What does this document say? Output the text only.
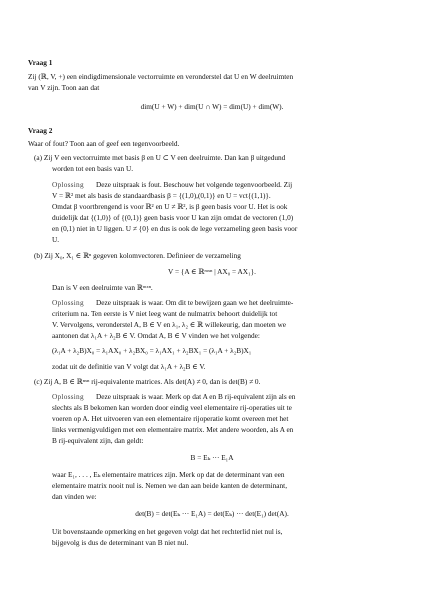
Vraag 1
Zij (ℝ, V, +) een eindigdimensionale vectorruimte en veronderstel dat U en W deelruimten
van V zijn. Toon aan dat
dim(U + W) + dim(U ∩ W) = dim(U) + dim(W).
Vraag 2
Waar of fout? Toon aan of geef een tegenvoorbeeld.
(a) Zij V een vectorruimte met basis β en U ⊂ V een deelruimte. Dan kan β uitgedund
worden tot een basis van U.
Oplossing Deze uitspraak is fout. Beschouw het volgende tegenvoorbeeld. Zij
V = ℝ² met als basis de standaardbasis β = {(1,0),(0,1)} en U = vct{(1,1)}.
Omdat β voortbrengend is voor ℝ² en U ≠ ℝ², is β geen basis voor U. Het is ook
duidelijk dat {(1,0)} of {(0,1)} geen basis voor U kan zijn omdat de vectoren (1,0)
en (0,1) niet in U liggen. U ≠ {0} en dus is ook de lege verzameling geen basis voor
U.
(b) Zij X₀, X₁ ∈ ℝⁿ gegeven kolomvectoren. Definieer de verzameling
V = {A ∈ ℝᵐˣⁿ | AX₀ = AX₁}.
Dan is V een deelruimte van ℝᵐˣⁿ.
Oplossing Deze uitspraak is waar. Om dit te bewijzen gaan we het deelruimte-
criterium na. Ten eerste is V niet leeg want de nulmatrix behoort duidelijk tot
V. Vervolgens, veronderstel A, B ∈ V en λ₁, λ₂ ∈ ℝ willekeurig, dan moeten we
aantonen dat λ₁A + λ₂B ∈ V. Omdat A, B ∈ V vinden we het volgende:
(λ₁A + λ₂B)X₀ = λ₁AX₀ + λ₂BX₀ = λ₁AX₁ + λ₂BX₁ = (λ₁A + λ₂B)X₁
zodat uit de definitie van V volgt dat λ₁A + λ₂B ∈ V.
(c) Zij A, B ∈ ℝⁿˣⁿ rij-equivalente matrices. Als det(A) ≠ 0, dan is det(B) ≠ 0.
Oplossing Deze uitspraak is waar. Merk op dat A en B rij-equivalent zijn als en
slechts als B bekomen kan worden door eindig veel elementaire rij-operaties uit te
voeren op A. Het uitvoeren van een elementaire rijoperatie komt overeen met het
links vermenigvuldigen met een elementaire matrix. Met andere woorden, als A en
B rij-equivalent zijn, dan geldt:
B = Eₖ ··· E₁A
waar E₁, . . . , Eₖ elementaire matrices zijn. Merk op dat de determinant van een
elementaire matrix nooit nul is. Nemen we dan aan beide kanten de determinant,
dan vinden we:
det(B) = det(Eₖ ··· E₁A) = det(Eₖ) ··· det(E₁) det(A).
Uit bovenstaande opmerking en het gegeven volgt dat het rechterlid niet nul is,
bijgevolg is dus de determinant van B niet nul.
